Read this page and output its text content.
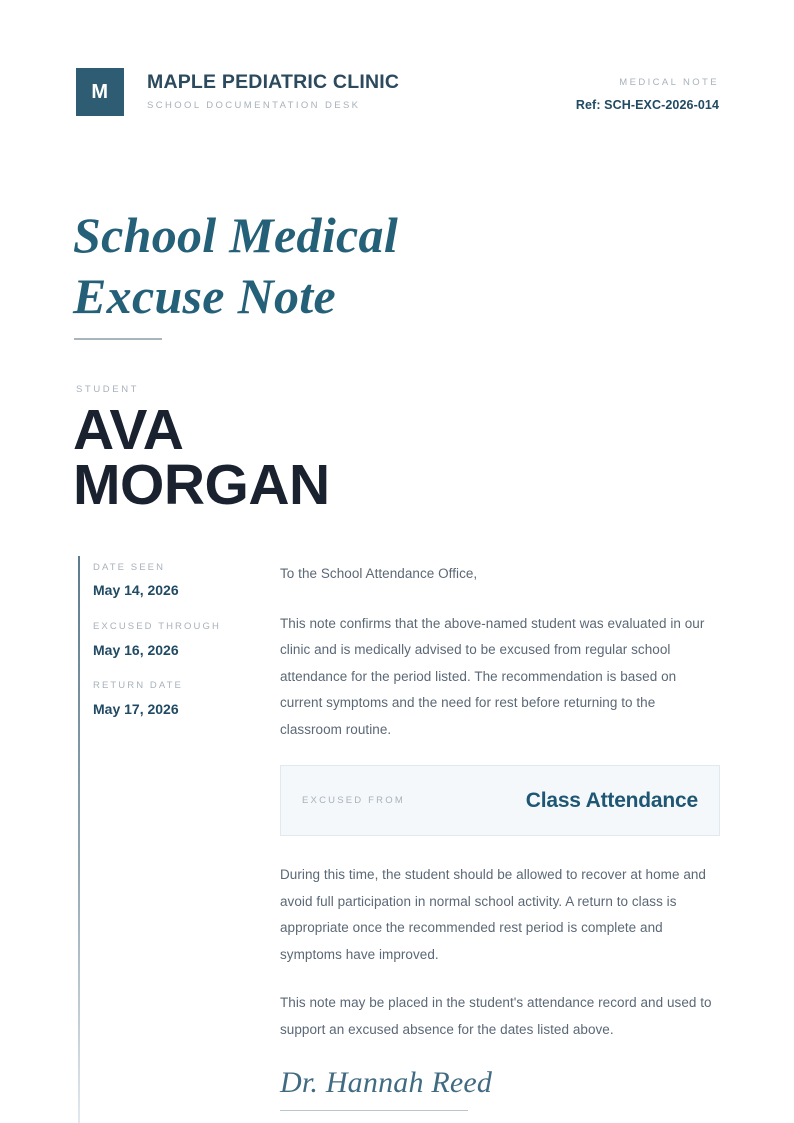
M MAPLE PEDIATRIC CLINIC
SCHOOL DOCUMENTATION DESK
MEDICAL NOTE
Ref: SCH-EXC-2026-014
School Medical
Excuse Note
STUDENT
AVA
MORGAN
DATE SEEN
May 14, 2026
EXCUSED THROUGH
May 16, 2026
RETURN DATE
May 17, 2026

To the School Attendance Office,

This note confirms that the above-named student was evaluated in our clinic and is medically advised to be excused from regular school attendance for the period listed. The recommendation is based on current symptoms and the need for rest before returning to the classroom routine.

EXCUSED FROM	Class Attendance

During this time, the student should be allowed to recover at home and avoid full participation in normal school activity. A return to class is appropriate once the recommended rest period is complete and symptoms have improved.

This note may be placed in the student's attendance record and used to support an excused absence for the dates listed above.

Dr. Hannah Reed
